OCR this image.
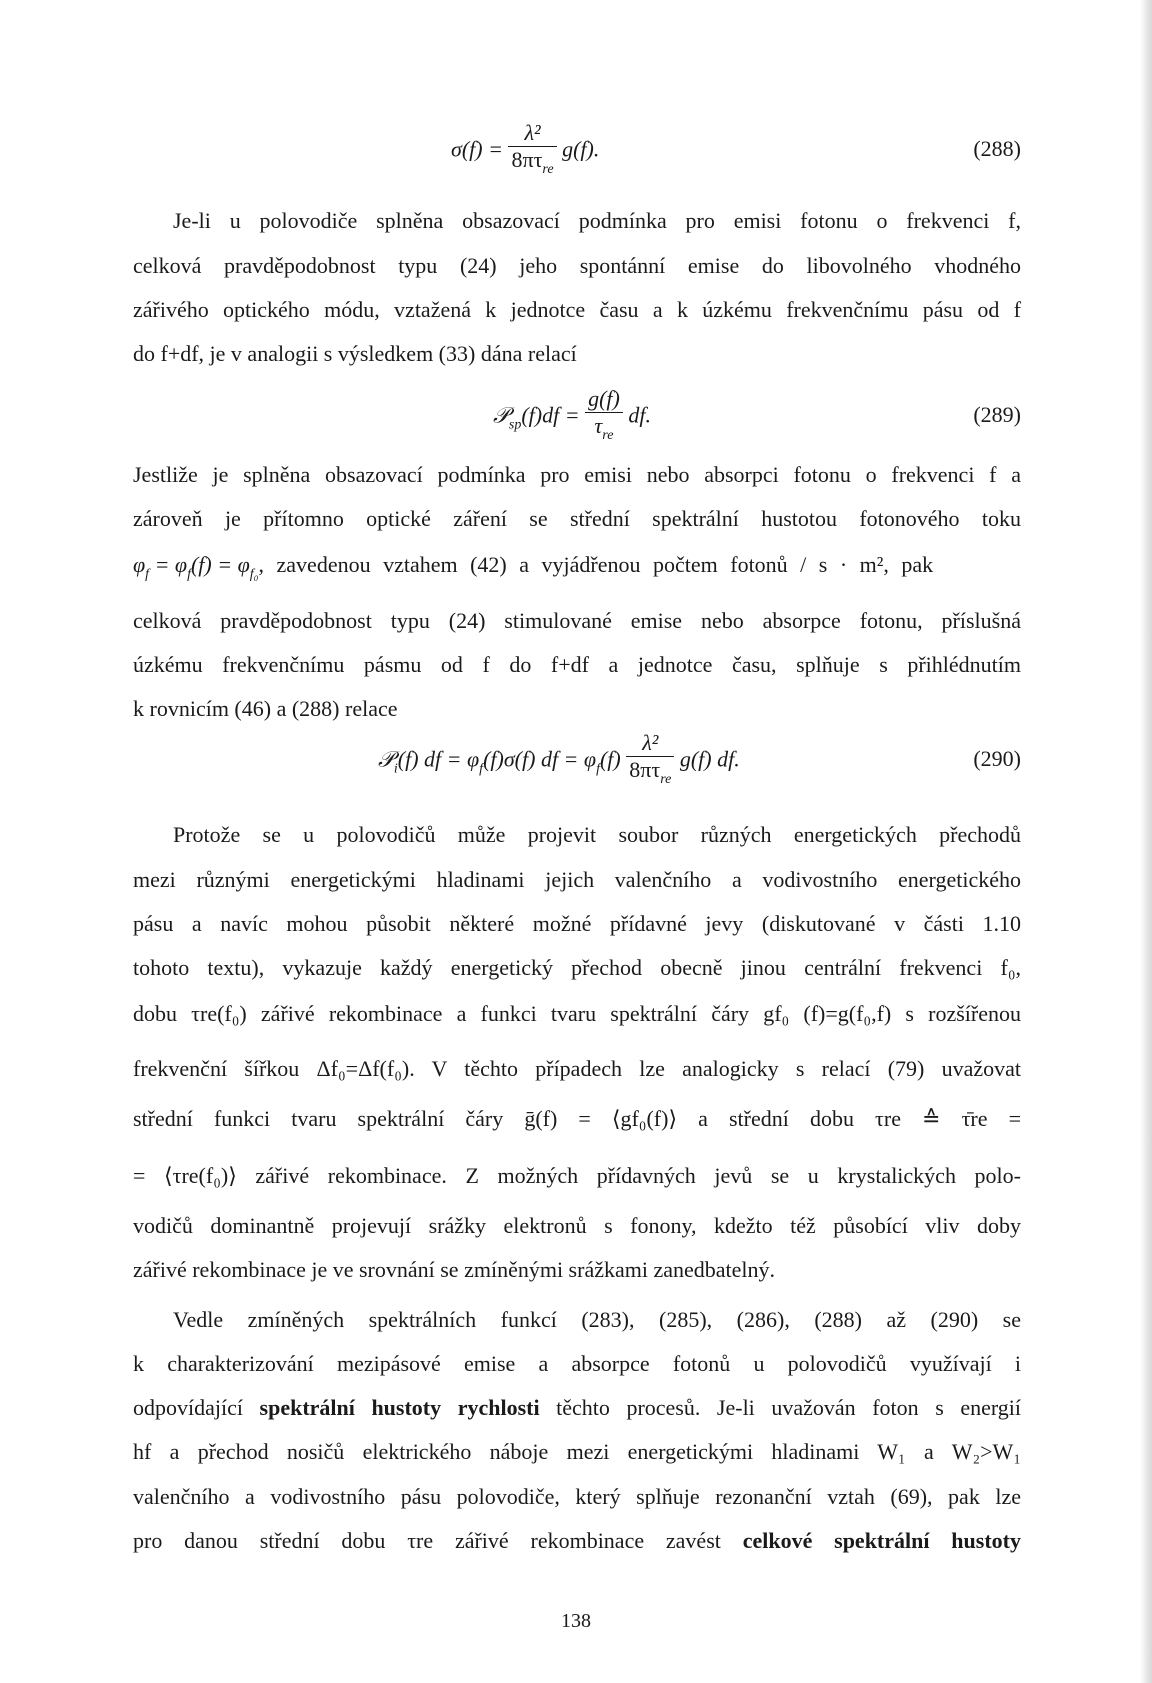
$\sigma(f) = \frac{\text{λ²}}{8\pi\tau_{re}} g(f)$.	(288)
Je-li u polovodiče splněna obsazovací podmínka pro emisi fotonu o frekvenci f,
celková pravděpodobnost typu (24) jeho spontánní emise do libovolného vhodného
zářivého optického módu, vztažená k jednotce času a k úzkému frekvenčnímu pásu od f
do f+df, je v analogii s výsledkem (33) dána relací
𝒫$_{sp}$(f)df = $\frac{g(f)}{\tau_{re}}$ df.	(289)
Jestliže je splněna obsazovací podmínka pro emisi nebo absorpci fotonu o frekvenci f a
zároveň je přítomno optické záření se střední spektrální hustotou fotonového toku
$\varphi_f = \varphi_f(f) = \varphi_{f_0}$, zavedenou vztahem (42) a vyjádřenou počtem fotonů / s · m², pak
celková pravděpodobnost typu (24) stimulované emise nebo absorpce fotonu, příslušná
úzkému frekvenčnímu pásmu od f do f+df a jednotce času, splňuje s přihlédnutím
k rovnicím (46) a (288) relace
𝒫$_i$(f) df = $\varphi_f(f)\sigma(f)$ df = $\varphi_f(f) \frac{\text{λ²}}{8\pi\tau_{re}} g(f)$ df.	(290)
Protože se u polovodičů může projevit soubor různých energetických přechodů
mezi různými energetickými hladinami jejich valenčního a vodivostního energetického
pásu a navíc mohou působit některé možné přídavné jevy (diskutované v části 1.10
tohoto textu), vykazuje každý energetický přechod obecně jinou centrální frekvenci f₀,
dobu τre(f₀) zářivé rekombinace a funkci tvaru spektrální čáry gf₀ (f)=g(f₀,f) s rozšířenou
frekvenční šířkou Δf₀=Δf(f₀). V těchto případech lze analogicky s relací (79) uvažovat
střední funkci tvaru spektrální čáry ḡ(f) = ⟨gf₀(f)⟩ a střední dobu τre ≙ τ̄re =
= ⟨τre(f₀)⟩ zářivé rekombinace. Z možných přídavných jevů se u krystalických polo-
vodičů dominantně projevují srážky elektronů s fonony, kdežto též působící vliv doby
zářivé rekombinace je ve srovnání se zmíněnými srážkami zanedbatelný.
Vedle zmíněných spektrálních funkcí (283), (285), (286), (288) až (290) se
k charakterizování mezipásové emise a absorpce fotonů u polovodičů využívají i
odpovídající spektrální hustoty rychlosti těchto procesů. Je-li uvažován foton s energií
hf a přechod nosičů elektrického náboje mezi energetickými hladinami W₁ a W₂>W₁
valenčního a vodivostního pásu polovodiče, který splňuje rezonanční vztah (69), pak lze
pro danou střední dobu τre zářivé rekombinace zavést celkové spektrální hustoty
138
